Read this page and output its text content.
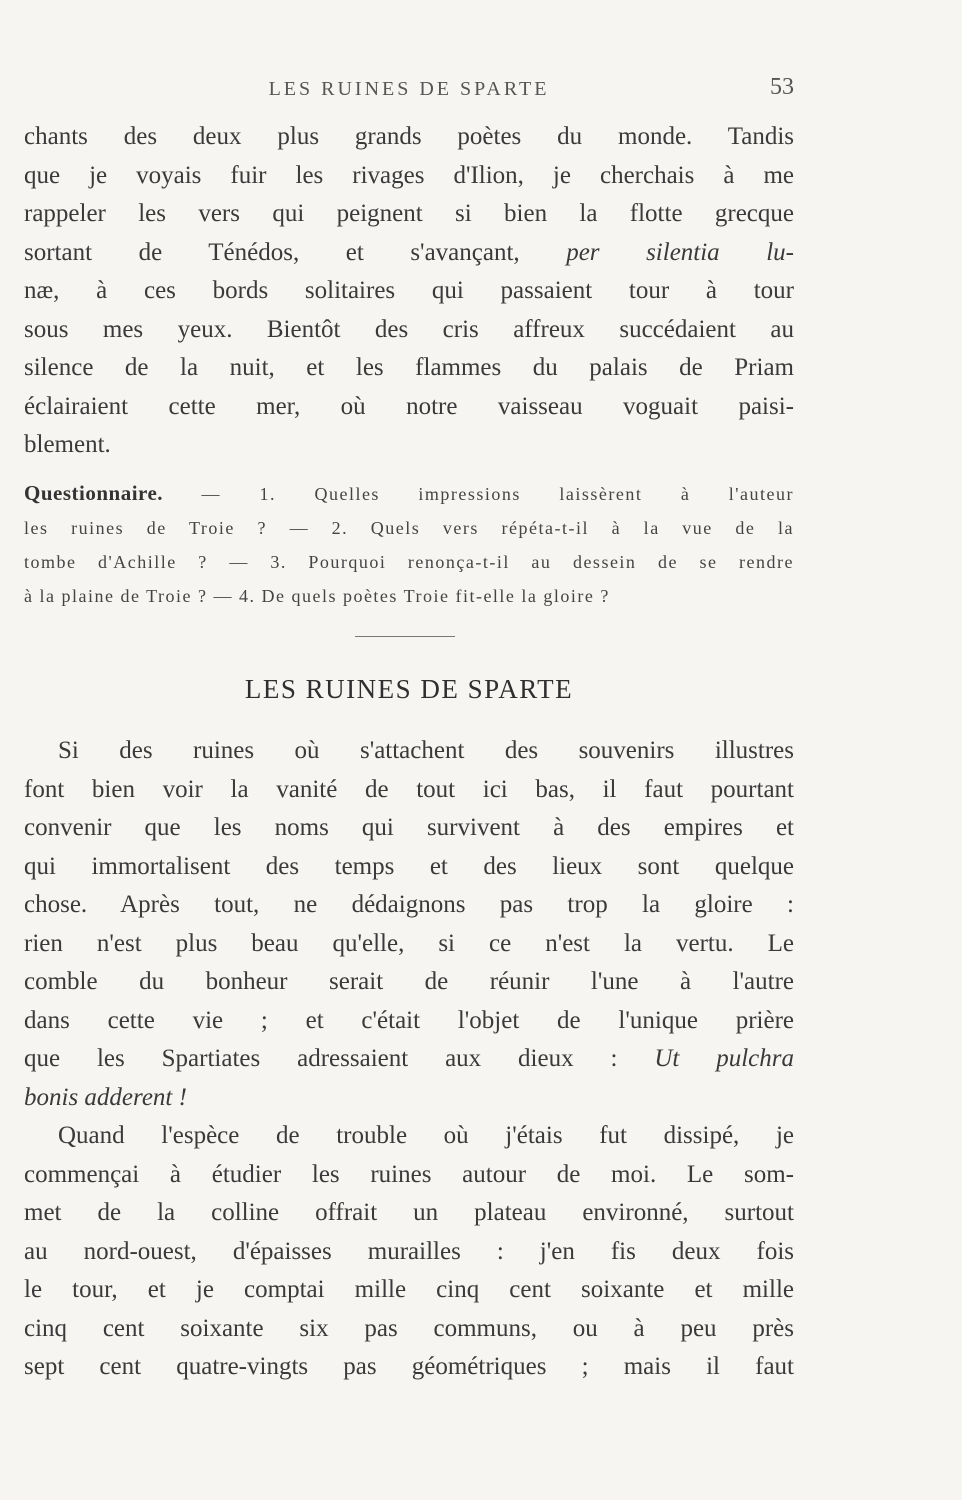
LES RUINES DE SPARTE	53
chants des deux plus grands poètes du monde. Tandis
que je voyais fuir les rivages d'Ilion, je cherchais à me
rappeler les vers qui peignent si bien la flotte grecque
sortant de Ténédos, et s'avançant, per silentia lu-
næ, à ces bords solitaires qui passaient tour à tour
sous mes yeux. Bientôt des cris affreux succédaient au
silence de la nuit, et les flammes du palais de Priam
éclairaient cette mer, où notre vaisseau voguait paisi-
blement.
Questionnaire. — 1. Quelles impressions laissèrent à l'auteur
les ruines de Troie ? — 2. Quels vers répéta-t-il à la vue de la
tombe d'Achille ? — 3. Pourquoi renonça-t-il au dessein de se rendre
à la plaine de Troie ? — 4. De quels poètes Troie fit-elle la gloire ?
LES RUINES DE SPARTE
Si des ruines où s'attachent des souvenirs illustres
font bien voir la vanité de tout ici bas, il faut pourtant
convenir que les noms qui survivent à des empires et
qui immortalisent des temps et des lieux sont quelque
chose. Après tout, ne dédaignons pas trop la gloire :
rien n'est plus beau qu'elle, si ce n'est la vertu. Le
comble du bonheur serait de réunir l'une à l'autre
dans cette vie ; et c'était l'objet de l'unique prière
que les Spartiates adressaient aux dieux : Ut pulchra
bonis adderent !
Quand l'espèce de trouble où j'étais fut dissipé, je
commençai à étudier les ruines autour de moi. Le som-
met de la colline offrait un plateau environné, surtout
au nord-ouest, d'épaisses murailles : j'en fis deux fois
le tour, et je comptai mille cinq cent soixante et mille
cinq cent soixante six pas communs, ou à peu près
sept cent quatre-vingts pas géométriques ; mais il faut
